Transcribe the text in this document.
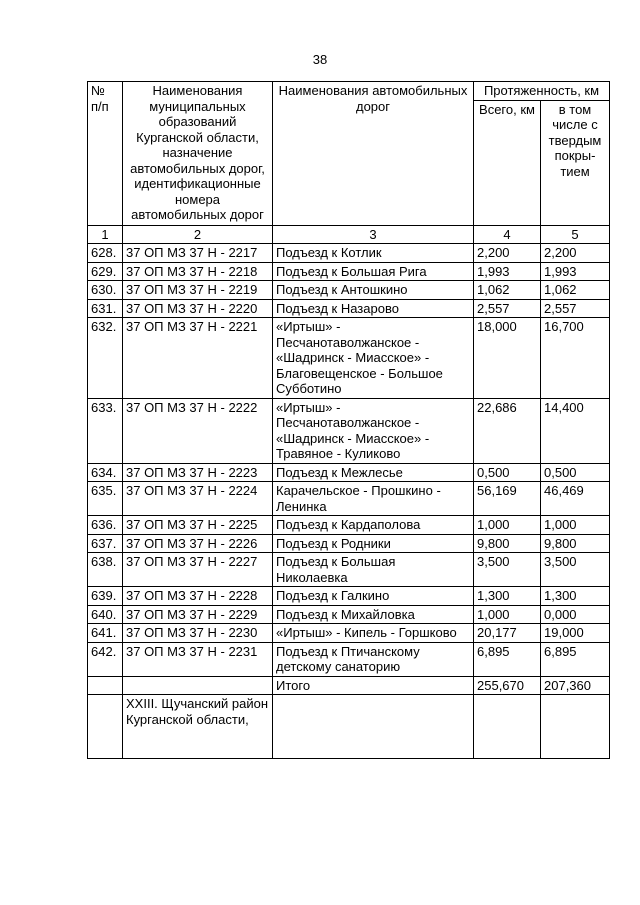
38
№ п/п	Наименования муниципальных образований Курганской области, назначение автомобильных дорог, идентификационные номера автомобильных дорог	Наименования автомобильных дорог	Протяженность, км	
			Всего, км	в том числе с твердым покры-тием
1	2	3	4	5
628.	37 ОП МЗ 37 Н - 2217	Подъезд к Котлик	2,200	2,200
629.	37 ОП МЗ 37 Н - 2218	Подъезд к Большая Рига	1,993	1,993
630.	37 ОП МЗ 37 Н - 2219	Подъезд к Антошкино	1,062	1,062
631.	37 ОП МЗ 37 Н - 2220	Подъезд к Назарово	2,557	2,557
632.	37 ОП МЗ 37 Н - 2221	«Иртыш» - Песчанотаволжанское - «Шадринск - Миасское» - Благовещенское - Большое Субботино	18,000	16,700
633.	37 ОП МЗ 37 Н - 2222	«Иртыш» - Песчанотаволжанское - «Шадринск - Миасское» - Травяное - Куликово	22,686	14,400
634.	37 ОП МЗ 37 Н - 2223	Подъезд к Межлесье	0,500	0,500
635.	37 ОП МЗ 37 Н - 2224	Карачельское - Прошкино - Ленинка	56,169	46,469
636.	37 ОП МЗ 37 Н - 2225	Подъезд к Кардаполова	1,000	1,000
637.	37 ОП МЗ 37 Н - 2226	Подъезд к Родники	9,800	9,800
638.	37 ОП МЗ 37 Н - 2227	Подъезд к Большая Николаевка	3,500	3,500
639.	37 ОП МЗ 37 Н - 2228	Подъезд к Галкино	1,300	1,300
640.	37 ОП МЗ 37 Н - 2229	Подъезд к Михайловка	1,000	0,000
641.	37 ОП МЗ 37 Н - 2230	«Иртыш» - Кипель - Горшково	20,177	19,000
642.	37 ОП МЗ 37 Н - 2231	Подъезд к Птичанскому детскому санаторию	6,895	6,895
		Итого	255,670	207,360
	XXIII. Щучанский район Курганской области,			
